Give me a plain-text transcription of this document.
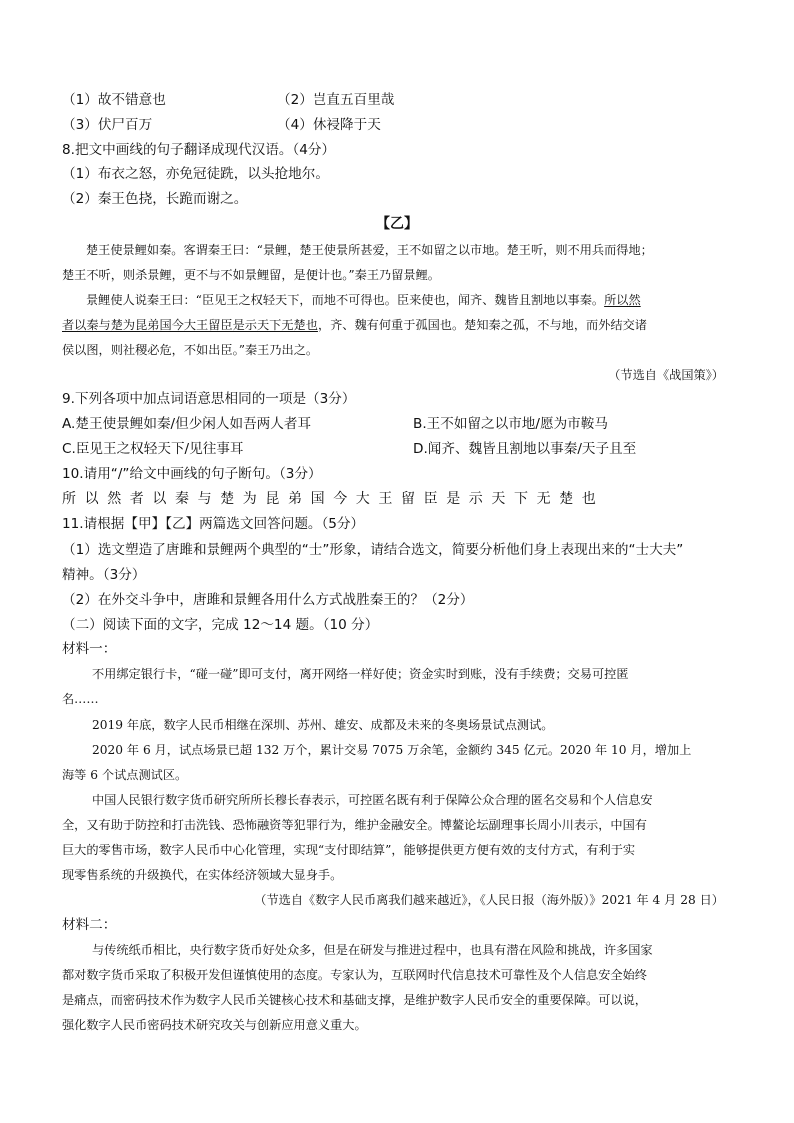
（1）故不错意也	（2）岂直五百里哉
（3）伏尸百万	（4）休祲降于天
8.把文中画线的句子翻译成现代汉语。（4分）
（1）布衣之怒，亦免冠徒跣，以头抢地尔。
（2）秦王色挠，长跪而谢之。
【乙】
楚王使景鲤如秦。客谓秦王曰：“景鲤，楚王使景所甚爱，王不如留之以市地。楚王听，则不用兵而得地；
楚王不听，则杀景鲤，更不与不如景鲤留，是便计也。”秦王乃留景鲤。
景鲤使人说秦王曰：“臣见王之权轻天下，而地不可得也。臣来使也，闻齐、魏皆且割地以事秦。所以然
者以秦与楚为昆弟国今大王留臣是示天下无楚也，齐、魏有何重于孤国也。楚知秦之孤，不与地，而外结交诸
侯以图，则社稷必危，不如出臣。”秦王乃出之。
（节选自《战国策》）
9.下列各项中加点词语意思相同的一项是（3分）
A.楚王使景鲤如秦/但少闲人如吾两人者耳	B.王不如留之以市地/愿为市鞍马
C.臣见王之权轻天下/见往事耳	D.闻齐、魏皆且割地以事秦/天子且至
10.请用“/”给文中画线的句子断句。（3分）
所以然者以秦与楚为昆弟国今大王留臣是示天下无楚也
11.请根据【甲】【乙】两篇选文回答问题。（5分）
（1）选文塑造了唐雎和景鲤两个典型的“士”形象，请结合选文，简要分析他们身上表现出来的“士大夫”
精神。（3分）
（2）在外交斗争中，唐雎和景鲤各用什么方式战胜秦王的？（2分）
（二）阅读下面的文字，完成 12～14 题。（10 分）
材料一：
不用绑定银行卡，“碰一碰”即可支付，离开网络一样好使；资金实时到账，没有手续费；交易可控匿
名……
2019 年底，数字人民币相继在深圳、苏州、雄安、成都及未来的冬奥场景试点测试。
2020 年 6 月，试点场景已超 132 万个，累计交易 7075 万余笔，金额约 345 亿元。2020 年 10 月，增加上
海等 6 个试点测试区。
中国人民银行数字货币研究所所长穆长春表示，可控匿名既有利于保障公众合理的匿名交易和个人信息安
全，又有助于防控和打击洗钱、恐怖融资等犯罪行为，维护金融安全。博鳌论坛副理事长周小川表示，中国有
巨大的零售市场，数字人民币中心化管理，实现“支付即结算”，能够提供更方便有效的支付方式，有利于实
现零售系统的升级换代，在实体经济领域大显身手。
（节选自《数字人民币离我们越来越近》，《人民日报（海外版）》2021 年 4 月 28 日）
材料二：
与传统纸币相比，央行数字货币好处众多，但是在研发与推进过程中，也具有潜在风险和挑战，许多国家
都对数字货币采取了积极开发但谨慎使用的态度。专家认为，互联网时代信息技术可靠性及个人信息安全始终
是痛点，而密码技术作为数字人民币关键核心技术和基础支撑，是维护数字人民币安全的重要保障。可以说，
强化数字人民币密码技术研究攻关与创新应用意义重大。
